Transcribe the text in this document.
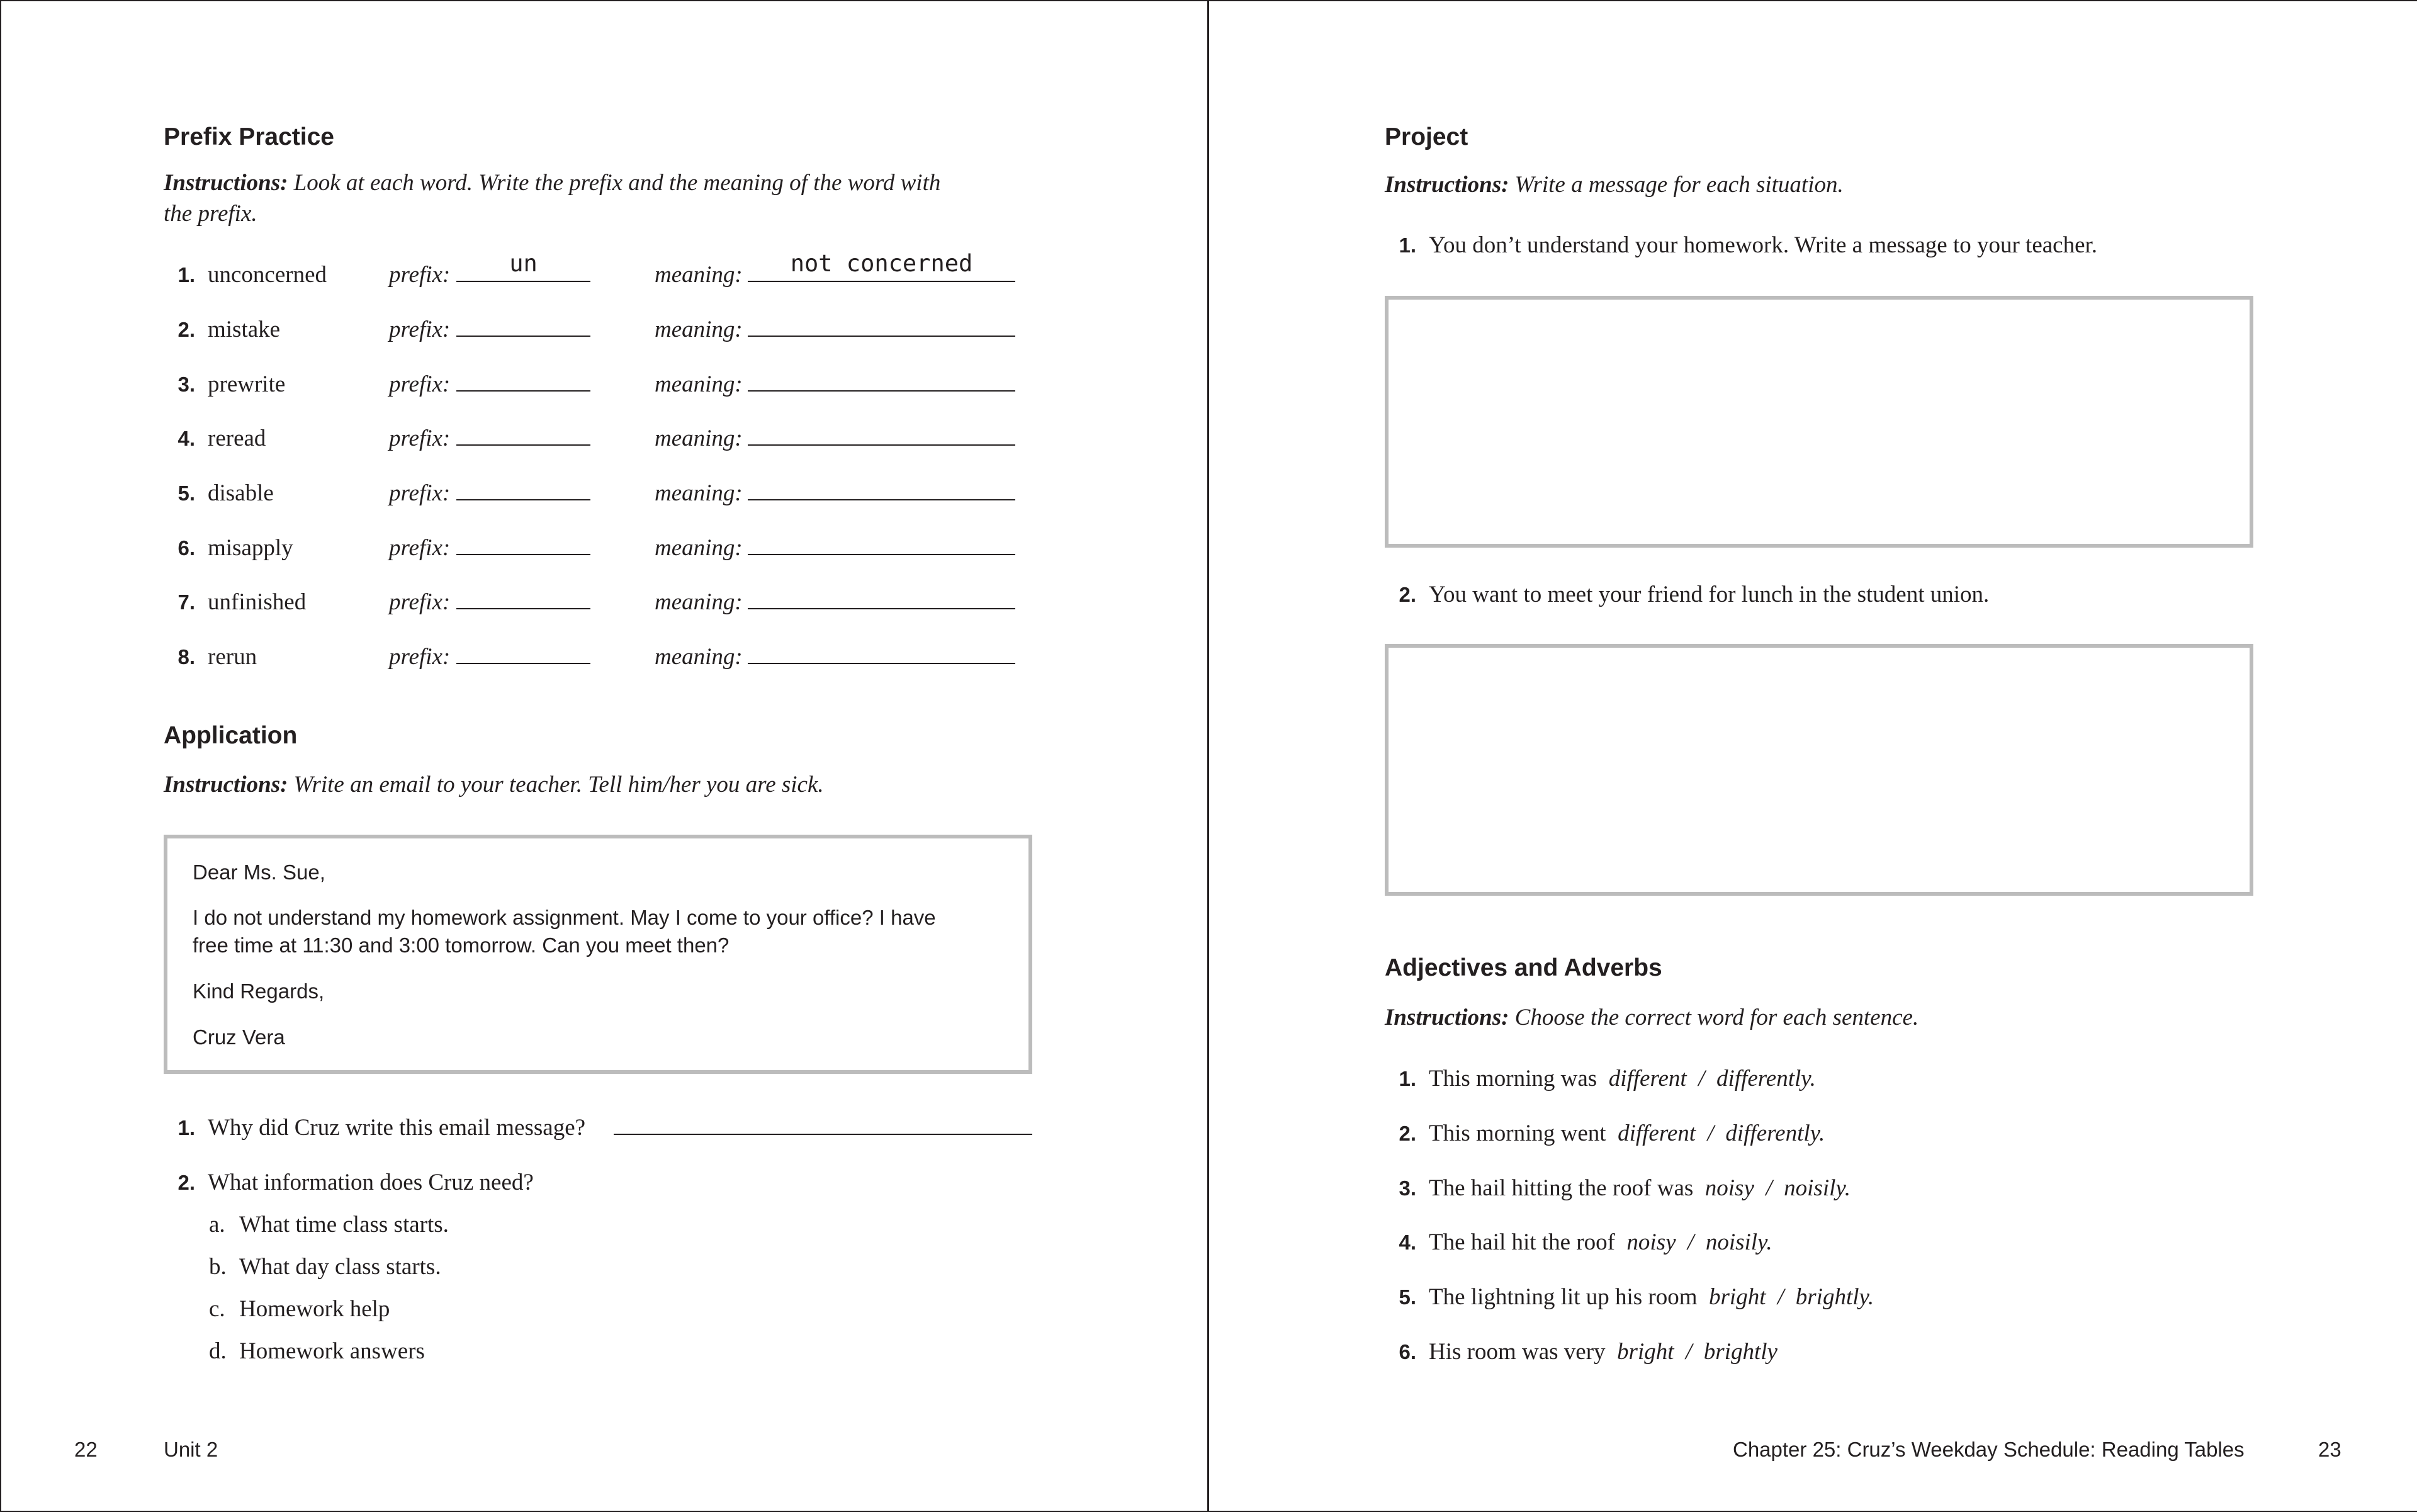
Prefix Practice
Instructions: Look at each word. Write the prefix and the meaning of the word with
the prefix.
1. unconcerned	prefix:	un	meaning:	not concerned
2. mistake	prefix:	meaning:
3. prewrite	prefix:	meaning:
4. reread	prefix:	meaning:
5. disable	prefix:	meaning:
6. misapply	prefix:	meaning:
7. unfinished	prefix:	meaning:
8. rerun	prefix:	meaning:
Application
Instructions: Write an email to your teacher. Tell him/her you are sick.
Dear Ms. Sue,
I do not understand my homework assignment. May I come to your office? I have
free time at 11:30 and 3:00 tomorrow. Can you meet then?
Kind Regards,
Cruz Vera
1. Why did Cruz write this email message?
2. What information does Cruz need?
a. What time class starts.
b. What day class starts.
c. Homework help
d. Homework answers
22	Unit 2
Project
Instructions: Write a message for each situation.
1. You don’t understand your homework. Write a message to your teacher.
2. You want to meet your friend for lunch in the student union.
Adjectives and Adverbs
Instructions: Choose the correct word for each sentence.
1. This morning was different / differently.
2. This morning went different / differently.
3. The hail hitting the roof was noisy / noisily.
4. The hail hit the roof noisy / noisily.
5. The lightning lit up his room bright / brightly.
6. His room was very bright / brightly
Chapter 25: Cruz’s Weekday Schedule: Reading Tables	23
